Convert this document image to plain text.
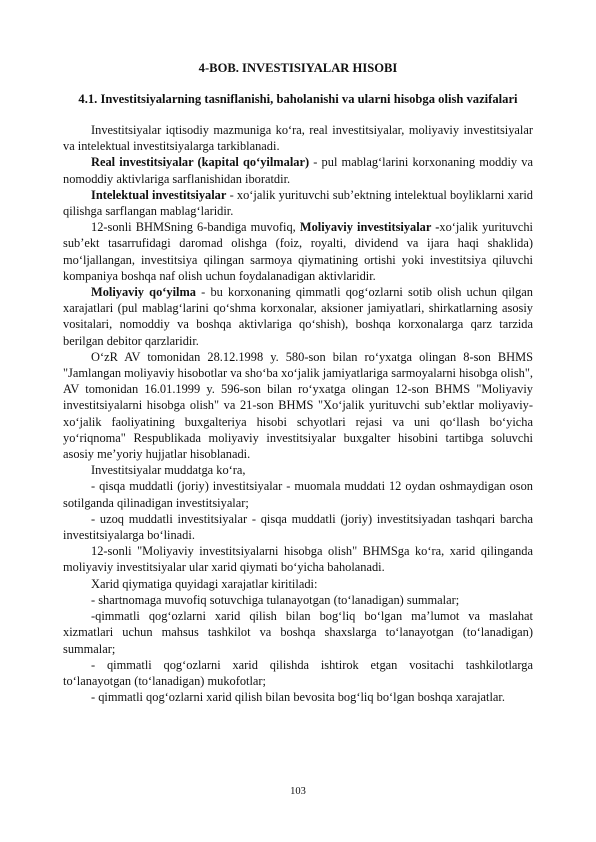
4-BOB. INVESTISIYALAR HISOBI
4.1. Investitsiyalarning tasniflanishi, baholanishi va ularni hisobga olish vazifalari

Investitsiyalar iqtisodiy mazmuniga ko‘ra, real investitsiyalar, moliyaviy investitsiyalar va intelektual investitsiyalarga tarkiblanadi.

Real investitsiyalar (kapital qo‘yilmalar) - pul mablag‘larini korxonaning moddiy va nomoddiy aktivlariga sarflanishidan iboratdir.

Intelektual investitsiyalar - xo‘jalik yurituvchi sub’ektning intelektual boyliklarni xarid qilishga sarflangan mablag‘laridir.

12-sonli BHMSning 6-bandiga muvofiq, Moliyaviy investitsiyalar -xo‘jalik yurituvchi sub’ekt tasarrufidagi daromad olishga (foiz, royalti, dividend va ijara haqi shaklida) mo‘ljallangan, investitsiya qilingan sarmoya qiymatining ortishi yoki investitsiya qiluvchi kompaniya boshqa naf olish uchun foydalanadigan aktivlaridir.

Moliyaviy qo‘yilma - bu korxonaning qimmatli qog‘ozlarni sotib olish uchun qilgan xarajatlari (pul mablag‘larini qo‘shma korxonalar, aksioner jamiyatlari, shirkatlarning asosiy vositalari, nomoddiy va boshqa aktivlariga qo‘shish), boshqa korxonalarga qarz tarzida berilgan debitor qarzlaridir.

O‘zR AV tomonidan 28.12.1998 y. 580-son bilan ro‘yxatga olingan 8-son BHMS "Jamlangan moliyaviy hisobotlar va sho‘ba xo‘jalik jamiyatlariga sarmoyalarni hisobga olish", AV tomonidan 16.01.1999 y. 596-son bilan ro‘yxatga olingan 12-son BHMS "Moliyaviy investitsiyalarni hisobga olish" va 21-son BHMS "Xo‘jalik yurituvchi sub’ektlar moliyaviy-xo‘jalik faoliyatining buxgalteriya hisobi schyotlari rejasi va uni qo‘llash bo‘yicha yo‘riqnoma" Respublikada moliyaviy investitsiyalar buxgalter hisobini tartibga soluvchi asosiy me’yoriy hujjatlar hisoblanadi.

Investitsiyalar muddatga ko‘ra,

- qisqa muddatli (joriy) investitsiyalar - muomala muddati 12 oydan oshmaydigan oson sotilganda qilinadigan investitsiyalar;

- uzoq muddatli investitsiyalar - qisqa muddatli (joriy) investitsiyadan tashqari barcha investitsiyalarga bo‘linadi.

12-sonli "Moliyaviy investitsiyalarni hisobga olish" BHMSga ko‘ra, xarid qilinganda moliyaviy investitsiyalar ular xarid qiymati bo‘yicha baholanadi.

Xarid qiymatiga quyidagi xarajatlar kiritiladi:

- shartnomaga muvofiq sotuvchiga tulanayotgan (to‘lanadigan) summalar;

-qimmatli qog‘ozlarni xarid qilish bilan bog‘liq bo‘lgan ma’lumot va maslahat xizmatlari uchun mahsus tashkilot va boshqa shaxslarga to‘lanayotgan (to‘lanadigan) summalar;

- qimmatli qog‘ozlarni xarid qilishda ishtirok etgan vositachi tashkilotlarga to‘lanayotgan (to‘lanadigan) mukofotlar;

- qimmatli qog‘ozlarni xarid qilish bilan bevosita bog‘liq bo‘lgan boshqa xarajatlar.

103
